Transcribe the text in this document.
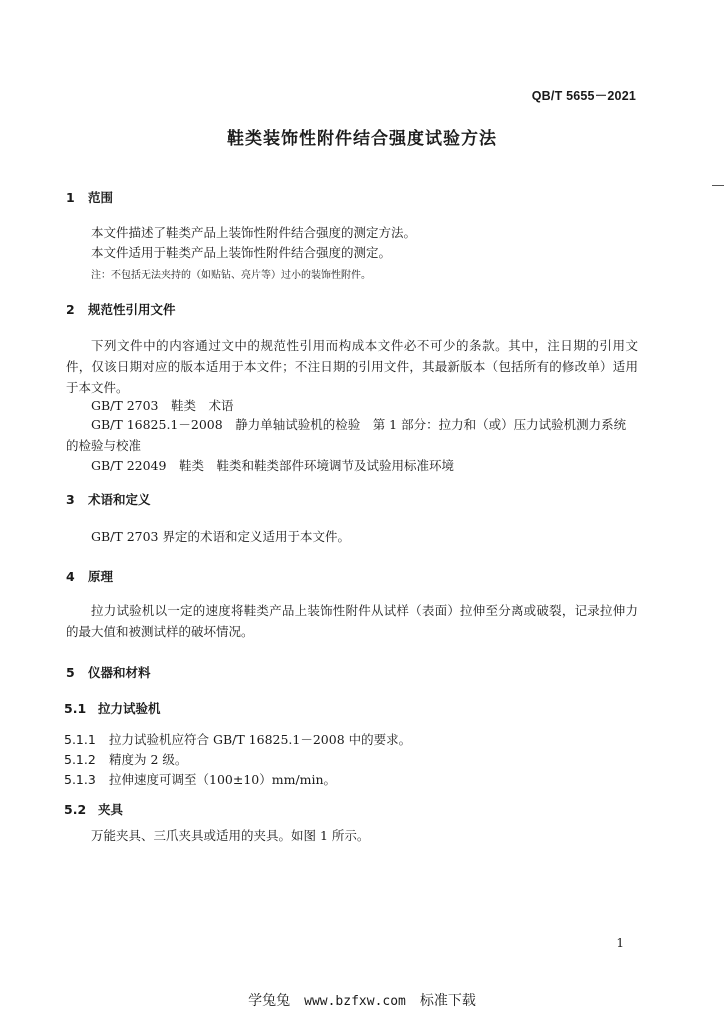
QB/T 5655－2021
鞋类装饰性附件结合强度试验方法
1 范围
本文件描述了鞋类产品上装饰性附件结合强度的测定方法。
本文件适用于鞋类产品上装饰性附件结合强度的测定。
注：不包括无法夹持的（如贴钻、亮片等）过小的装饰性附件。
2 规范性引用文件
下列文件中的内容通过文中的规范性引用而构成本文件必不可少的条款。其中，注日期的引用文件，仅该日期对应的版本适用于本文件；不注日期的引用文件，其最新版本（包括所有的修改单）适用于本文件。
GB/T 2703　鞋类　术语
GB/T 16825.1－2008　静力单轴试验机的检验　第 1 部分：拉力和（或）压力试验机测力系统的检验与校准
GB/T 22049　鞋类　鞋类和鞋类部件环境调节及试验用标准环境
3 术语和定义
GB/T 2703 界定的术语和定义适用于本文件。
4 原理
拉力试验机以一定的速度将鞋类产品上装饰性附件从试样（表面）拉伸至分离或破裂，记录拉伸力的最大值和被测试样的破坏情况。
5 仪器和材料
5.1 拉力试验机
5.1.1 拉力试验机应符合 GB/T 16825.1－2008 中的要求。
5.1.2 精度为 2 级。
5.1.3 拉伸速度可调至（100±10）mm/min。
5.2 夹具
万能夹具、三爪夹具或适用的夹具。如图 1 所示。
1
学兔兔 www.bzfxw.com 标准下载
